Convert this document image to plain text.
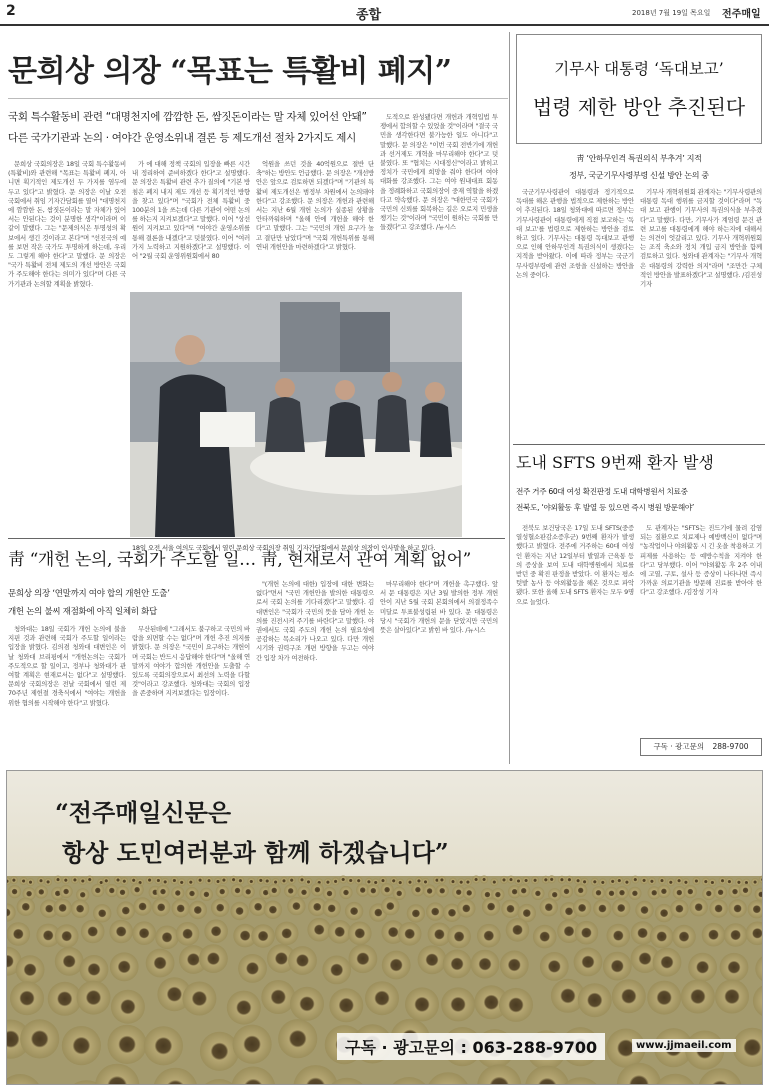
2	종합	2018년 7월 19일 목요일 전주매일
문희상 의장 “목표는 특활비 폐지”
국회 특수활동비 관련 “대명천지에 깜깜한 돈, 쌈짓돈이라는 말 자체 있어선 안돼”
다른 국가기관과 논의 · 여야간 운영소위내 결론 등 제도개선 절차 2가지도 제시

문희상 국회의장은 18일 국회 특수활동비(특활비)와 관련해 "목표는 특활비 폐지, 아니면 획기적인 제도개선 두 가지를 염두에 두고 있다"고 밝혔다. 문 의장은 이날 오전 국회에서 취임 기자간담회를 열어 "대명천지에 깜깜한 돈, 쌈짓돈이라는 말 자체가 있어서는 안된다는 것이 분명한 생각"이라며 이같이 말했다. 그는 "문제의식은 투명성의 확보에서 생긴 것이라고 본다"며 "선진국의 예를 보면 작은 국가도 투명하게 하는데, 우리도 그렇게 해야 한다"고 말했다. 문 의장은 "국가 특활비 전체 제도의 개선 방안은 국회가 주도해야 한다는 의미가 있다"며 다른 국가기관과 논의할 계획을 밝혔다.

가 에 대해 정책 국회의 입장을 빠른 시간내 정리하여 준비하겠다 한다"고 설명했다. 문 의장은 특활비 관련 추가 질의에 "기본 방침은 폐지 내지 제도 개선 등 획기적인 방향을 찾고 있다"며 "국회가 전체 특활비 중 100분의 1을 쓰는데 다른 기관이 어떤 논의를 하는지 지켜보겠다"고 말했다. 이어 "상선원이 지켜보고 있다"며 "여야간 운영소위를 통해 결론을 내겠다"고 덧붙였다. 이어 "여러 가지 노력하고 지원하겠다"고 설명했다. 이어 "2월 국회 운영위원회에서 80

억원을 쓰던 것을 40억원으로 절반 단축"하는 방안도 언급했다. 문 의장은 "개선방안은 앞으로 검토하면 되겠다"며 "기관의 특활비 제도개선은 범정부 차원에서 논의돼야 한다"고 강조했다. 문 의장은 개헌과 관련해서는 지난 6월 개헌 논의가 실종된 상황을 안타까워하며 "올해 안에 개헌을 해야 한다"고 말했다. 그는 "국민의 개헌 요구가 높고 결단만 남았다"며 "국회 개헌특위를 통해 연내 개헌안을 마련하겠다"고 밝혔다.

도적으로 완성됐다면 개헌과 개혁입법 투쟁에서 합의할 수 있었을 것"이라며 "결국 국민을 생각한다면 불가능한 일도 아니다"고 말했다. 문 의장은 "이번 국회 전반기에 개헌과 선거제도 개혁을 마무리해야 한다"고 덧붙였다. 또 "협치는 시대정신"이라고 밝히고 정치가 국민에게 희망을 줘야 한다며 여야 대화를 강조했다. 그는 여야 원내대표 회동을 정례화하고 국회의장이 중재 역할을 하겠다고 약속했다. 문 의장은 "대한민국 국회가 국민의 신뢰를 회복하는 길은 오로지 민생을 챙기는 것"이라며 "국민이 원하는 국회를 만들겠다"고 강조했다. /뉴시스

18일 오전 서울 여의도 국회에서 열린 문희상 국회의장 취임 기자간담회에서 문희상 의장이 인사말을 하고 있다.
靑 “개헌 논의, 국회가 주도할 일… 靑, 현재로서 관여 계획 없어”
문희상 의장 ‘연말까지 여야 합의 개헌안 도출’
개헌 논의 불씨 재점화에 아직 일체히 화답

청와대는 18일 국회가 개헌 논의에 불을 지핀 것과 관련해 국회가 주도할 일이라는 입장을 밝혔다. 김의겸 청와대 대변인은 이날 청와대 브리핑에서 "개헌논의는 국회가 주도적으로 할 일이고, 정부나 청와대가 관여할 계획은 현재로서는 없다"고 설명했다. 문희상 국회의장은 전날 국회에서 열린 제70주년 제헌절 경축식에서 "여야는 개헌을 위한 협의를 시작해야 한다"고 밝혔다.

무산된데에 "그래서도 불구하고 국민의 바람을 외면할 수는 없다"며 개헌 추진 의지를 밝혔다. 문 의장은 "국민이 요구하는 개헌이며 국회는 반드시 응답해야 한다"며 "올해 연말까지 여야가 합의한 개헌안을 도출할 수 있도록 국회의장으로서 최선의 노력을 다할 것"이라고 강조했다. 청와대는 국회의 입장을 존중하며 지켜보겠다는 입장이다.

"(개헌 논의에 대한) 입장에 대한 변화는 없다"면서 "국민 개헌안을 발의한 대통령으로서 국회 논의를 기다리겠다"고 말했다. 김 대변인은 "국회가 국민의 뜻을 담아 개헌 논의를 진전시켜 주기를 바란다"고 말했다. 야권에서도 국회 주도의 개헌 논의 필요성에 공감하는 목소리가 나오고 있다. 다만 개헌 시기와 권력구조 개편 방향을 두고는 여야 간 입장 차가 여전하다.

마무리해야 한다"며 개헌을 촉구했다. 앞서 문 대통령은 지난 3월 발의한 정부 개헌안이 지난 5월 국회 본회의에서 의결정족수 미달로 투표불성립된 바 있다. 문 대통령은 당시 "국회가 개헌의 문을 닫았지만 국민의 뜻은 살아있다"고 밝힌 바 있다. /뉴시스

기무사 대통령 ‘독대보고’
법령 제한 방안 추진된다
靑 ‘안하무인격 특권의식 부추겨’ 지적
정부, 국군기무사령부령 신설 방안 논의 중

국군기무사령관이 대통령과 정기적으로 독대를 해온 관행을 법적으로 제한하는 방안이 추진된다. 18일 청와대에 따르면 정부는 기무사령관이 대통령에게 직접 보고하는 '독대 보고'를 법령으로 제한하는 방안을 검토하고 있다. 기무사는 대통령 독대보고 관행으로 인해 안하무인격 특권의식이 생겼다는 지적을 받아왔다. 이에 따라 정부는 국군기무사령부령에 관련 조항을 신설하는 방안을 논의 중이다.

기무사 개혁위원회 관계자는 "기무사령관의 대통령 독대 행위를 금지할 것이다"라며 "독대 보고 관행이 기무사의 특권의식을 부추겼다"고 말했다. 다만, 기무사가 계엄령 문건 관련 보고를 대통령에게 해야 하는지에 대해서는 의견이 엇갈리고 있다. 기무사 개혁위원회는 조직 축소와 정치 개입 금지 방안을 함께 검토하고 있다. 청와대 관계자는 "기무사 개혁은 대통령의 강력한 의지"라며 "조만간 구체적인 방안을 발표하겠다"고 설명했다. /김진성 기자

도내 SFTS 9번째 환자 발생
전주 거주 60대 여성 확진판정 도내 대학병원서 치료중
전북도, ‘야외활동 후 발열 등 있으면 즉시 병원 방문해야’

전북도 보건당국은 17일 도내 SFTS(중증열성혈소판감소증후군) 9번째 환자가 발생했다고 밝혔다. 전주에 거주하는 60대 여성인 환자는 지난 12일부터 발열과 근육통 등의 증상을 보여 도내 대학병원에서 치료를 받던 중 확진 판정을 받았다. 이 환자는 평소 텃밭 농사 등 야외활동을 해온 것으로 파악됐다. 또한 올해 도내 SFTS 환자는 모두 9명으로 늘었다.

도 관계자는 "SFTS는 진드기에 물려 감염되는 질환으로 치료제나 예방백신이 없다"며 "농작업이나 야외활동 시 긴 옷을 착용하고 기피제를 사용하는 등 예방수칙을 지켜야 한다"고 당부했다. 이어 "야외활동 후 2주 이내에 고열, 구토, 설사 등 증상이 나타나면 즉시 가까운 의료기관을 방문해 진료를 받아야 한다"고 강조했다. /김장성 기자

구독 · 광고문의 288-9700
“전주매일신문은
항상 도민여러분과 함께 하겠습니다”
구독 · 광고문의 : 063-288-9700	www.jjmaeil.com
